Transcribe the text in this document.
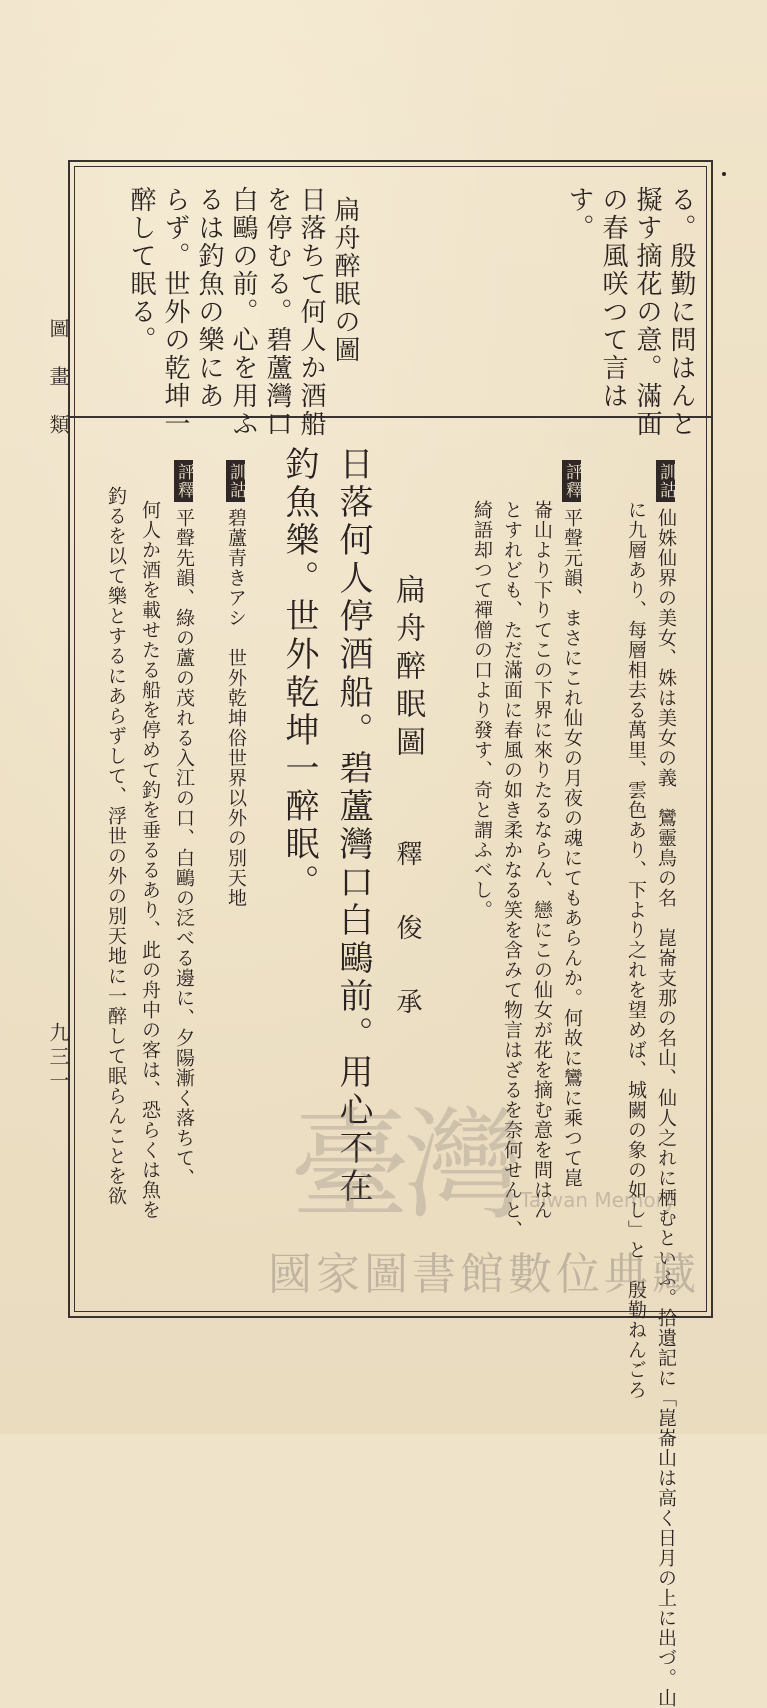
圖畫類
九三一
る。殷勤に問はんと
擬す摘花の意。滿面
の春風咲つて言は
す。
扁舟醉眠の圖
日落ちて何人か酒船
を停むる。碧蘆灣口
白鷗の前。心を用ふ
るは釣魚の樂にあ
らず。世外の乾坤一
醉して眠る。
訓詁仙姝仙界の美女、姝は美女の義　鸞靈鳥の名　崑崙支那の名山、仙人之れに栖むといふ。拾遺記に「崑崙山は高く日月の上に出づ。山
に九層あり、每層相去る萬里、雲色あり、下より之れを望めば、城闕の象の如し」と　殷勤ねんごろ
評釋平聲元韻、まさにこれ仙女の月夜の魂にてもあらんか。何故に鸞に乘つて崑
崙山より下りてこの下界に來りたるならん、戀にこの仙女が花を摘む意を問はん
とすれども、ただ滿面に春風の如き柔かなる笑を含みて物言はざるを奈何せんと、
綺語却つて禪僧の口より發す、奇と謂ふべし。
扁舟醉眠圖
釋俊承
日落何人停酒船。碧蘆灣口白鷗前。用心不在
釣魚樂。世外乾坤一醉眠。
訓詁碧蘆青きアシ　世外乾坤俗世界以外の別天地
評釋平聲先韻、綠の蘆の茂れる入江の口、白鷗の泛べる邊に、夕陽漸く落ちて、
何人か酒を載せたる船を停めて釣を垂るるあり、此の舟中の客は、恐らくは魚を
釣るを以て樂とするにあらずして、浮世の外の別天地に一醉して眠らんことを欲 臺灣 Taiwan Memory
國家圖書館數位典藏
